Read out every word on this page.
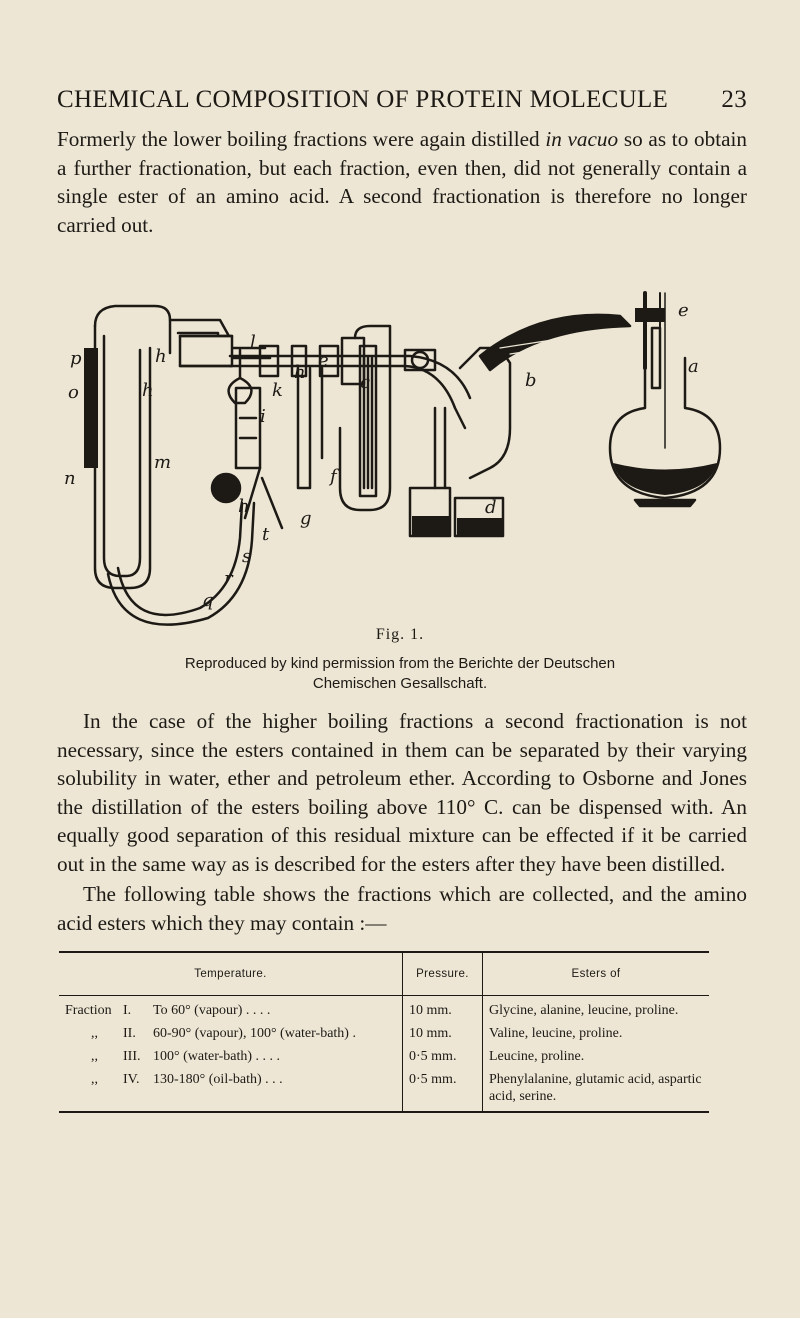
CHEMICAL COMPOSITION OF PROTEIN MOLECULE 23
Formerly the lower boiling fractions were again distilled in vacuo so as to obtain a further fractionation, but each fraction, even then, did not generally contain a single ester of an amino acid. A second fractionation is therefore no longer carried out.
p
o
n
h
l
h
h
m
h
i
k
g
e
f
c
d
b
e
a
q
r
s
t
Fig. 1.
Reproduced by kind permission from the Berichte der Deutschen Chemischen Gesallschaft.
In the case of the higher boiling fractions a second fractionation is not necessary, since the esters contained in them can be separated by their varying solubility in water, ether and petroleum ether. According to Osborne and Jones the distillation of the esters boiling above 110° C. can be dispensed with. An equally good separation of this residual mixture can be effected if it be carried out in the same way as is described for the esters after they have been distilled.
The following table shows the fractions which are collected, and the amino acid esters which they may contain :—
Temperature.	Pressure.	Esters of
Fraction I. To 60° (vapour) . . . .	10 mm.	Glycine, alanine, leucine, proline.
,, II. 60-90° (vapour), 100° (water-bath) .	10 mm.	Valine, leucine, proline.
,, III. 100° (water-bath) . . . .	0·5 mm.	Leucine, proline.
,, IV. 130-180° (oil-bath) . . .	0·5 mm.	Phenylalanine, glutamic acid, aspartic acid, serine.
